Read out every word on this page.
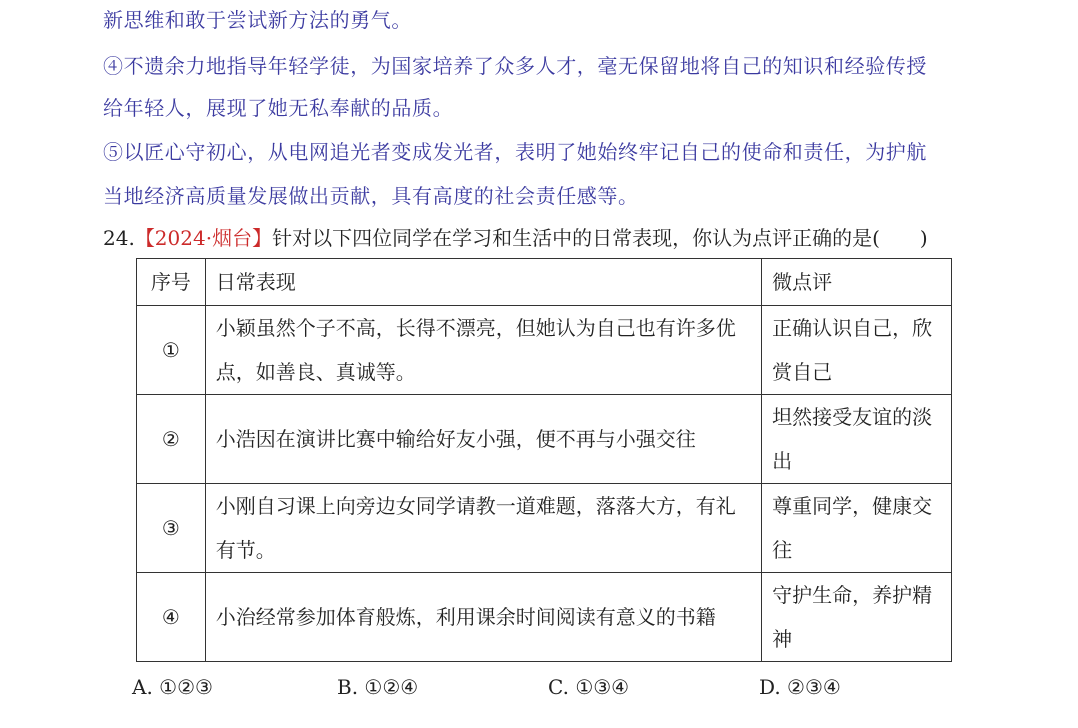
新思维和敢于尝试新方法的勇气。
④不遗余力地指导年轻学徒，为国家培养了众多人才，毫无保留地将自己的知识和经验传授
给年轻人，展现了她无私奉献的品质。
⑤以匠心守初心，从电网追光者变成发光者，表明了她始终牢记自己的使命和责任，为护航
当地经济高质量发展做出贡献，具有高度的社会责任感等。
24.【2024·烟台】针对以下四位同学在学习和生活中的日常表现，你认为点评正确的是(　　)
序号	日常表现	微点评
①	小颖虽然个子不高，长得不漂亮，但她认为自己也有许多优点，如善良、真诚等。	正确认识自己，欣赏自己
②	小浩因在演讲比赛中输给好友小强，便不再与小强交往	坦然接受友谊的淡出
③	小刚自习课上向旁边女同学请教一道难题，落落大方，有礼有节。	尊重同学，健康交往
④	小治经常参加体育般炼，利用课余时间阅读有意义的书籍	守护生命，养护精神
A. ①②③	B. ①②④	C. ①③④	D. ②③④
